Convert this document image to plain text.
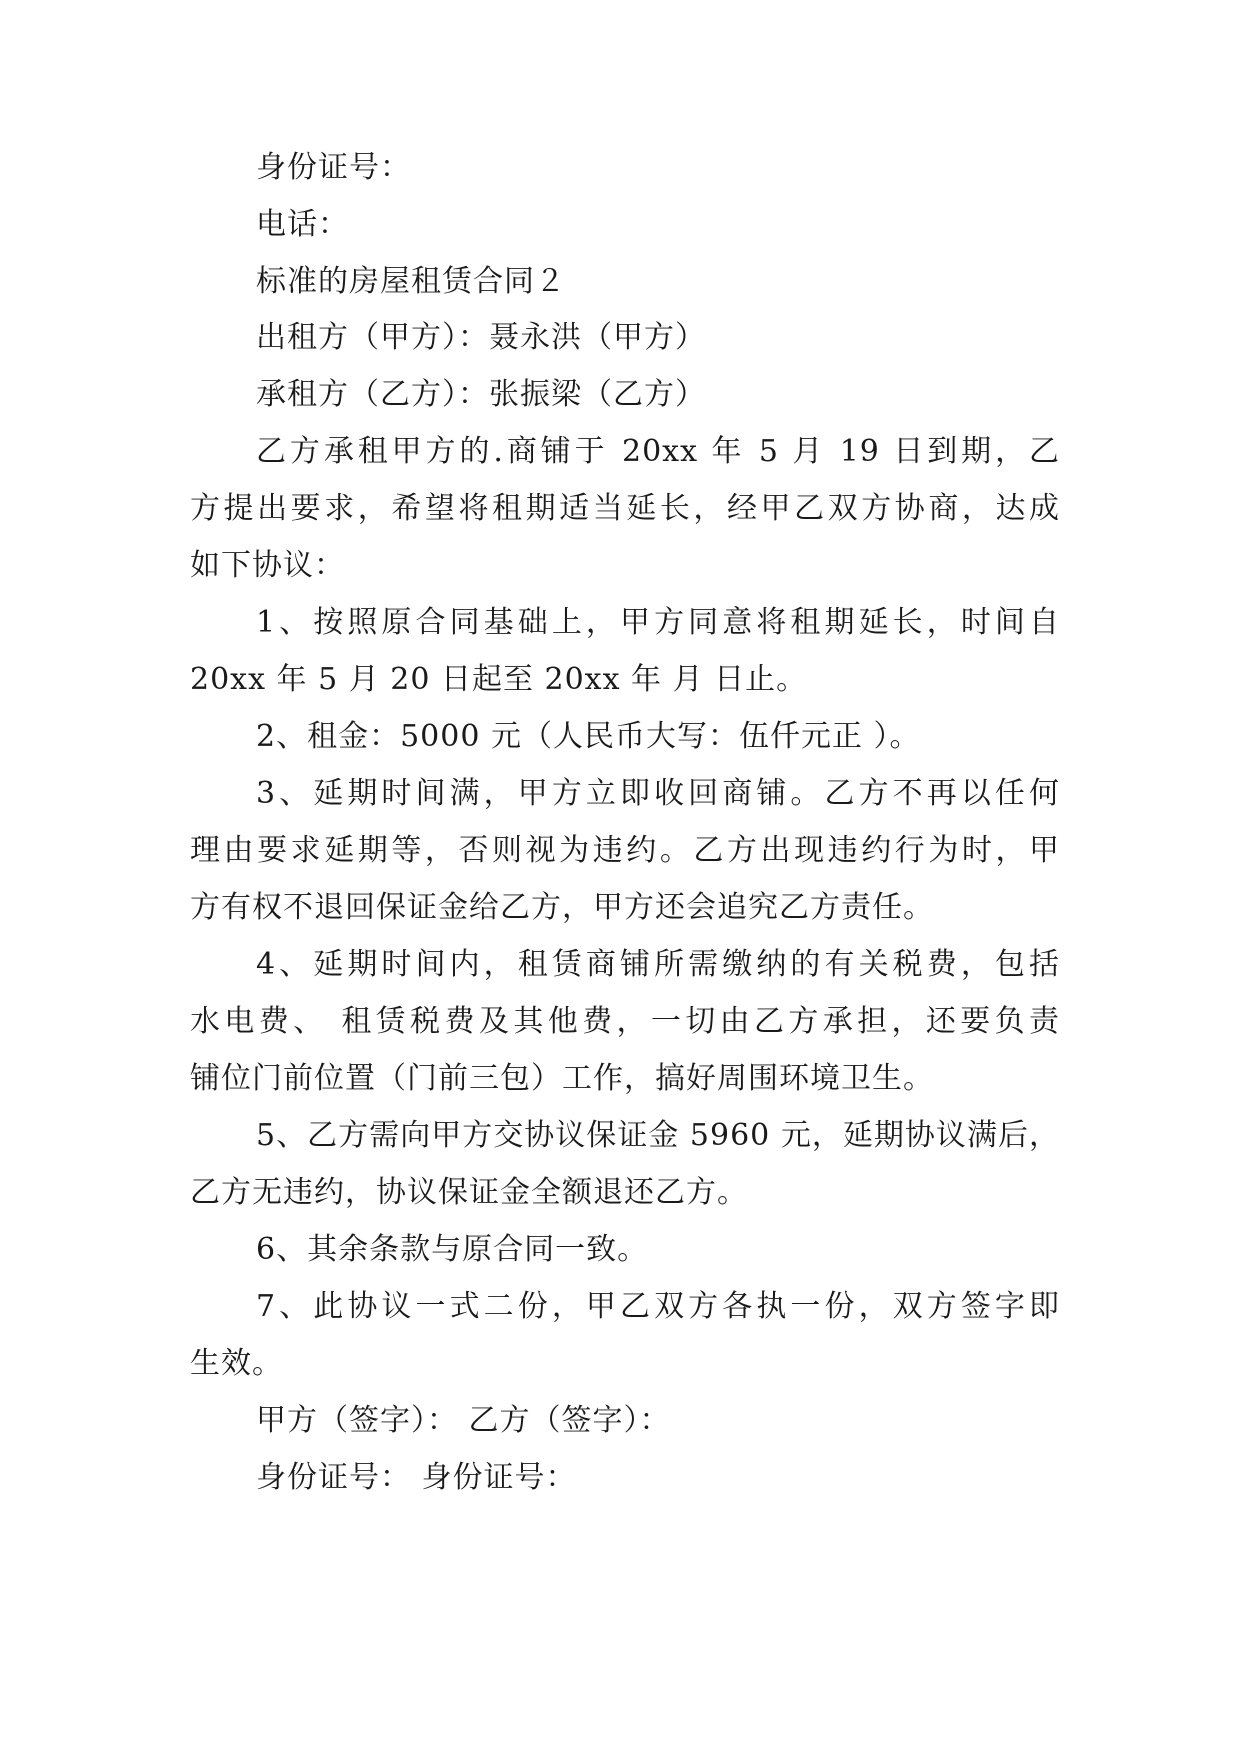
身份证号：
电话：
标准的房屋租赁合同２
出租方（甲方）：聂永洪（甲方）
承租方（乙方）：张振梁（乙方）
乙方承租甲方的.商铺于 20xx 年 5 月 19 日到期，乙
方提出要求，希望将租期适当延长，经甲乙双方协商，达成
如下协议：
1、按照原合同基础上，甲方同意将租期延长，时间自
20xx 年 5 月 20 日起至 20xx 年 月 日止。
2、租金：5000 元（人民币大写：伍仟元正 ）。
3、延期时间满，甲方立即收回商铺。乙方不再以任何
理由要求延期等，否则视为违约。乙方出现违约行为时，甲
方有权不退回保证金给乙方，甲方还会追究乙方责任。
4、延期时间内，租赁商铺所需缴纳的有关税费，包括
水电费、 租赁税费及其他费，一切由乙方承担，还要负责
铺位门前位置（门前三包）工作，搞好周围环境卫生。
5、乙方需向甲方交协议保证金 5960 元，延期协议满后，
乙方无违约，协议保证金全额退还乙方。
6、其余条款与原合同一致。
7、此协议一式二份，甲乙双方各执一份，双方签字即
生效。
甲方（签字）： 乙方（签字）：
身份证号： 身份证号：
